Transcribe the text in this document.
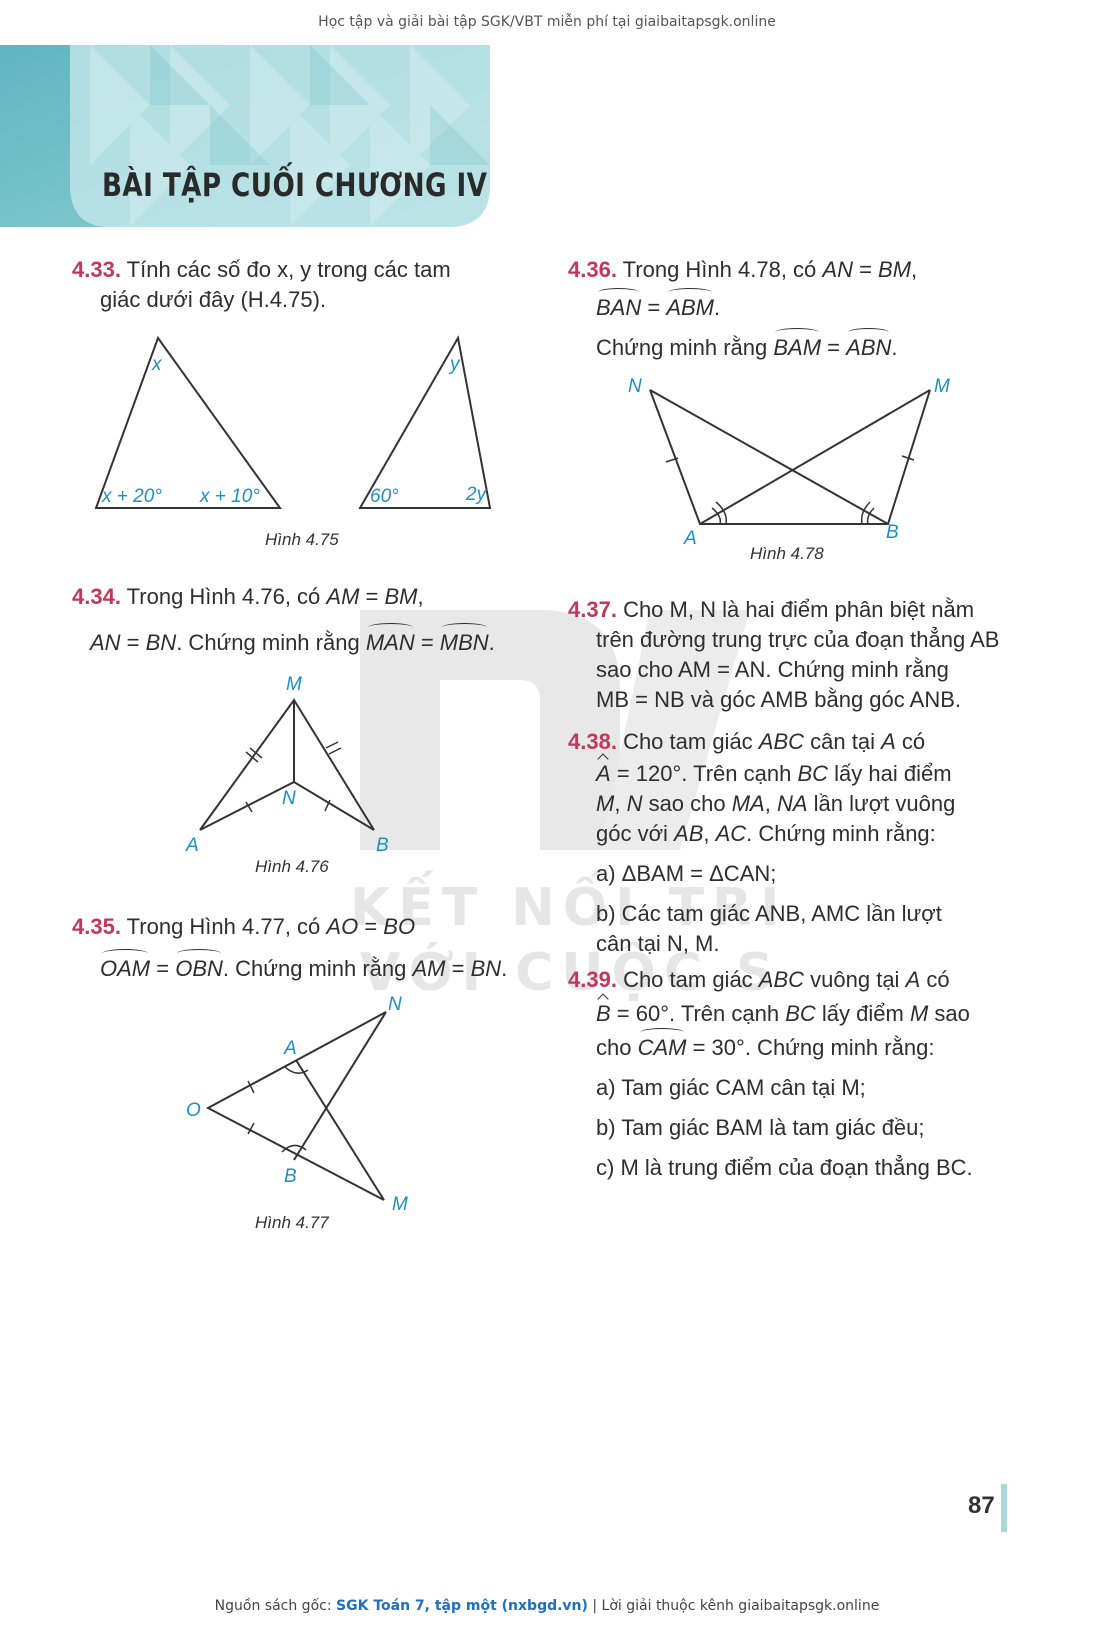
Học tập và giải bài tập SGK/VBT miễn phí tại giaibaitapsgk.online
BÀI TẬP CUỐI CHƯƠNG IV
KẾT NỐI TRI
VỚI CUỘC S
4.33. Tính các số đo x, y trong các tam
giác dưới đây (H.4.75).
x
x + 20° x + 10°
y
60°	2y
Hình 4.75
4.34. Trong Hình 4.76, có AM = BM,

AN = BN. Chứng minh rằng MAN = MBN.
M
N
A	B
Hình 4.76
4.35. Trong Hình 4.77, có AO = BO

OAM = OBN. Chứng minh rằng AM = BN.
N
A
O
B
M
Hình 4.77
4.36. Trong Hình 4.78, có AN = BM,

BAN = ABM.
Chứng minh rằng BAM = ABN.
N	M
A	B
Hình 4.78
4.37. Cho M, N là hai điểm phân biệt nằm

trên đường trung trực của đoạn thẳng AB
sao cho AM = AN. Chứng minh rằng
MB = NB và góc AMB bằng góc ANB.
4.38. Cho tam giác ABC cân tại A có
A = 120°. Trên cạnh BC lấy hai điểm
M, N sao cho MA, NA lần lượt vuông
góc với AB, AC. Chứng minh rằng:
a) ΔBAM = ΔCAN;
b) Các tam giác ANB, AMC lần lượt
cân tại N, M.
4.39. Cho tam giác ABC vuông tại A có
B = 60°. Trên cạnh BC lấy điểm M sao
cho CAM = 30°. Chứng minh rằng:
a) Tam giác CAM cân tại M;
b) Tam giác BAM là tam giác đều;
c) M là trung điểm của đoạn thẳng BC.
87
Nguồn sách gốc: SGK Toán 7, tập một (nxbgd.vn) | Lời giải thuộc kênh giaibaitapsgk.online
